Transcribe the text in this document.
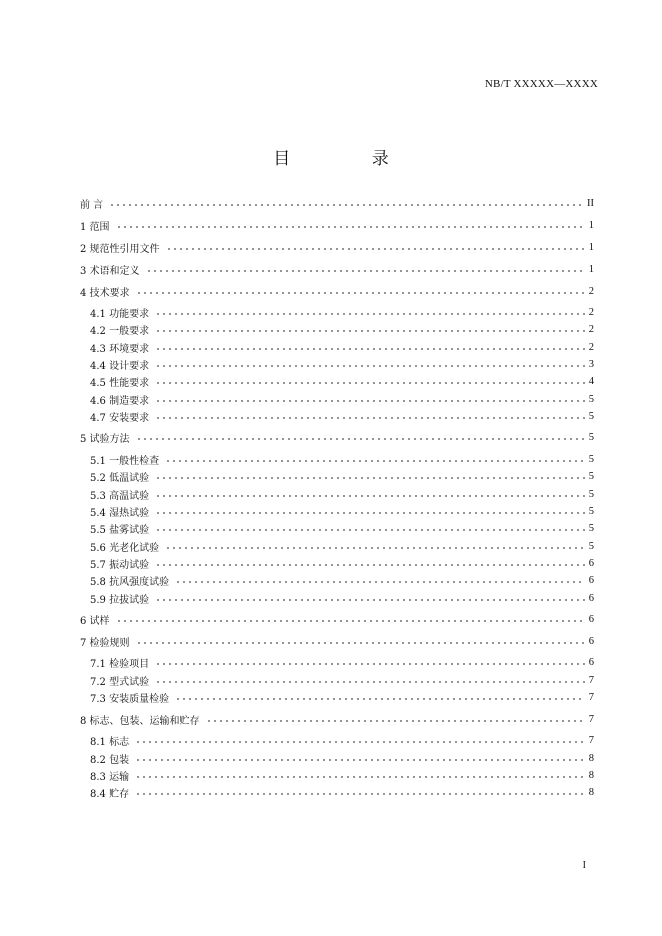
NB/T XXXXX—XXXX
目 录
前 言	II
1 范围	1
2 规范性引用文件	1
3 术语和定义	1
4 技术要求	2
4.1 功能要求	2
4.2 一般要求	2
4.3 环境要求	2
4.4 设计要求	3
4.5 性能要求	4
4.6 制造要求	5
4.7 安装要求	5
5 试验方法	5
5.1 一般性检查	5
5.2 低温试验	5
5.3 高温试验	5
5.4 湿热试验	5
5.5 盐雾试验	5
5.6 光老化试验	5
5.7 振动试验	6
5.8 抗风强度试验	6
5.9 拉拔试验	6
6 试样	6
7 检验规则	6
7.1 检验项目	6
7.2 型式试验	7
7.3 安装质量检验	7
8 标志、包装、运输和贮存	7
8.1 标志	7
8.2 包装	8
8.3 运输	8
8.4 贮存	8
I
